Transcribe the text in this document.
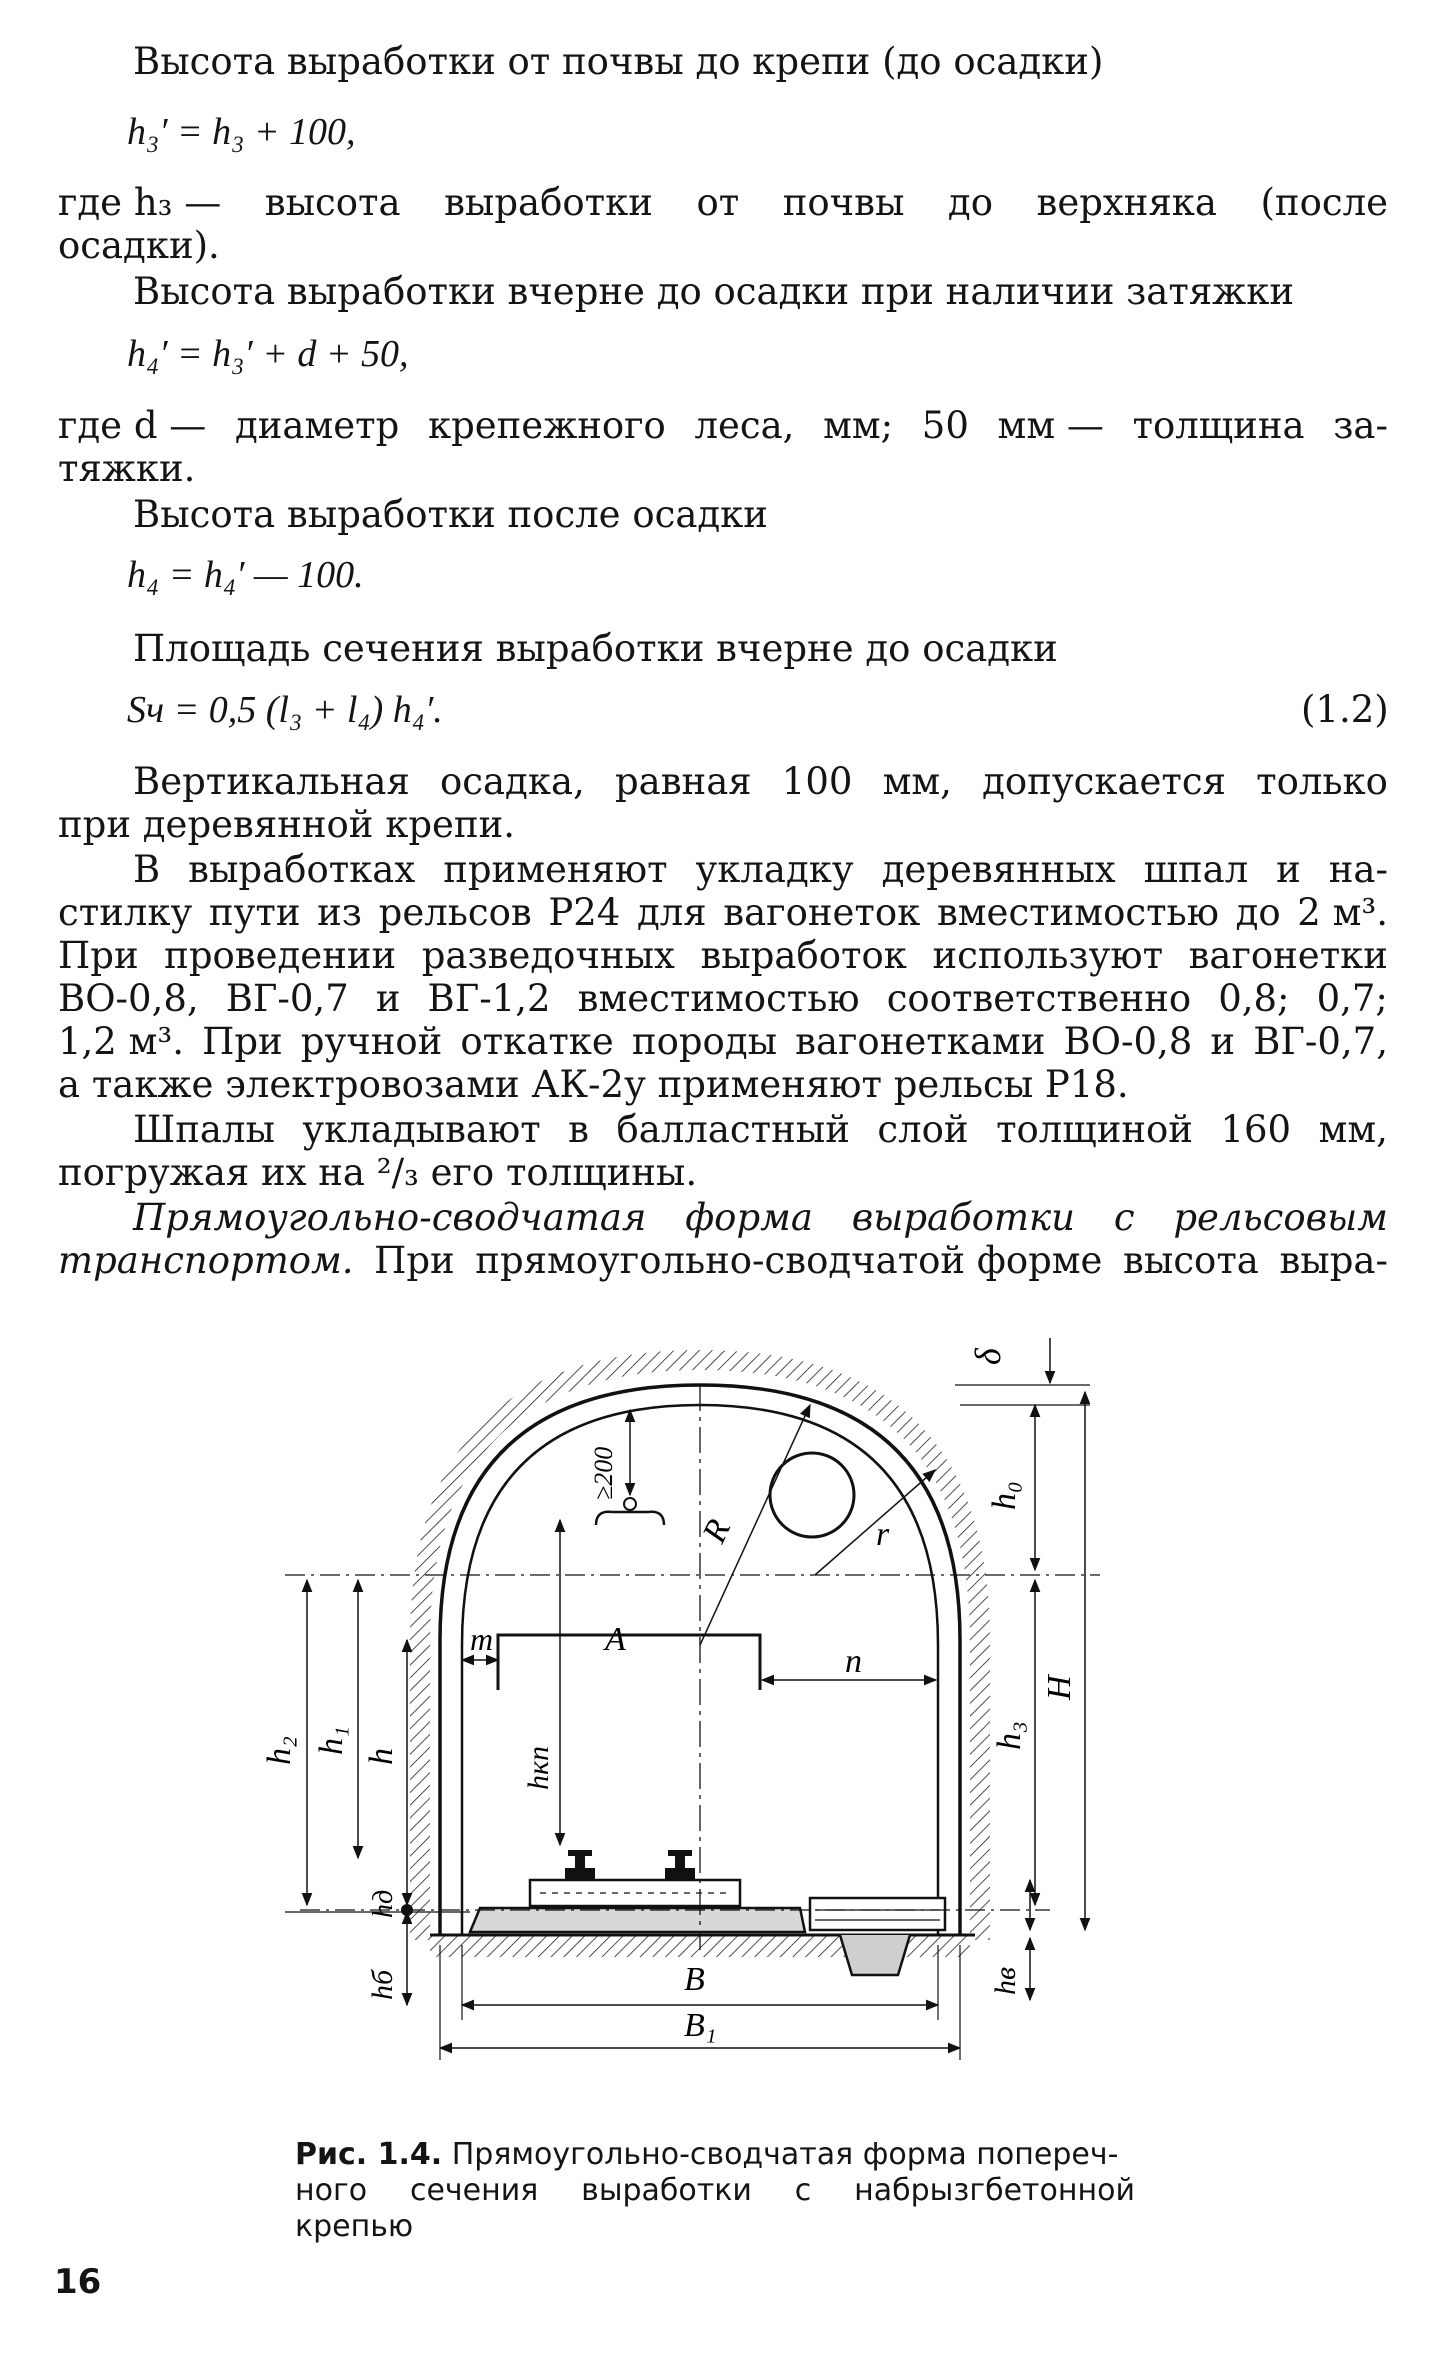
Высота выработки от почвы до крепи (до осадки)
h₃′ = h₃ + 100,
где h₃ — высота выработки от почвы до верхняка (после
осадки).
Высота выработки вчерне до осадки при наличии затяжки
h₄′ = h₃′ + d + 50,
где d — диаметр крепежного леса, мм; 50 мм — толщина за-
тяжки.
Высота выработки после осадки
h₄ = h₄′ — 100.
Площадь сечения выработки вчерне до осадки
Sч = 0,5 (l₃ + l₄) h₄′.	(1.2)
Вертикальная осадка, равная 100 мм, допускается только
при деревянной крепи.
В выработках применяют укладку деревянных шпал и на-
стилку пути из рельсов Р24 для вагонеток вместимостью до 2 м³.
При проведении разведочных выработок используют вагонетки
ВО-0,8, ВГ-0,7 и ВГ-1,2 вместимостью соответственно 0,8; 0,7;
1,2 м³. При ручной откатке породы вагонетками ВО-0,8 и ВГ-0,7,
а также электровозами АК-2у применяют рельсы Р18.
Шпалы укладывают в балластный слой толщиной 160 мм,
погружая их на ²/₃ его толщины.
Прямоугольно-сводчатая форма выработки с рельсовым
транспортом. При прямоугольно-сводчатой форме высота выра-
δ
h₀
r
R
≥200
m	A
n
h₂ h₁
h	hкп
h₃
H
hд
hб	hв
B
B₁
Рис. 1.4. Прямоугольно-сводчатая форма попереч-
ного сечения выработки с набрызгбетонной
крепью
16
